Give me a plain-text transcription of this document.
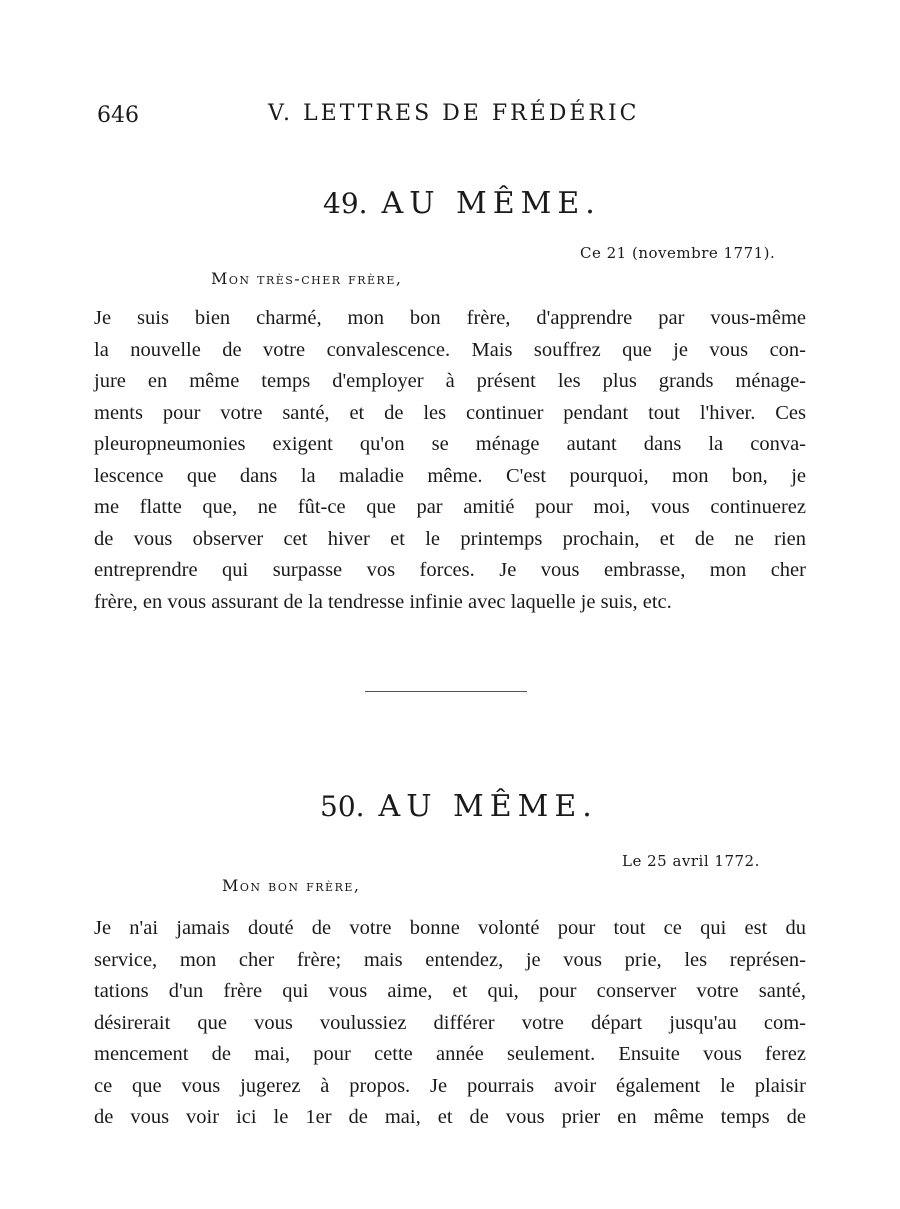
646	V. LETTRES DE FRÉDÉRIC
49. AU MÊME.
Ce 21 (novembre 1771).
Mon très-cher frère,
Je suis bien charmé, mon bon frère, d'apprendre par vous-même
la nouvelle de votre convalescence. Mais souffrez que je vous con-
jure en même temps d'employer à présent les plus grands ménage-
ments pour votre santé, et de les continuer pendant tout l'hiver. Ces
pleuropneumonies exigent qu'on se ménage autant dans la conva-
lescence que dans la maladie même. C'est pourquoi, mon bon, je
me flatte que, ne fût-ce que par amitié pour moi, vous continuerez
de vous observer cet hiver et le printemps prochain, et de ne rien
entreprendre qui surpasse vos forces. Je vous embrasse, mon cher
frère, en vous assurant de la tendresse infinie avec laquelle je suis, etc.
50. AU MÊME.
Le 25 avril 1772.
Mon bon frère,
Je n'ai jamais douté de votre bonne volonté pour tout ce qui est du
service, mon cher frère; mais entendez, je vous prie, les représen-
tations d'un frère qui vous aime, et qui, pour conserver votre santé,
désirerait que vous voulussiez différer votre départ jusqu'au com-
mencement de mai, pour cette année seulement. Ensuite vous ferez
ce que vous jugerez à propos. Je pourrais avoir également le plaisir
de vous voir ici le 1er de mai, et de vous prier en même temps de
